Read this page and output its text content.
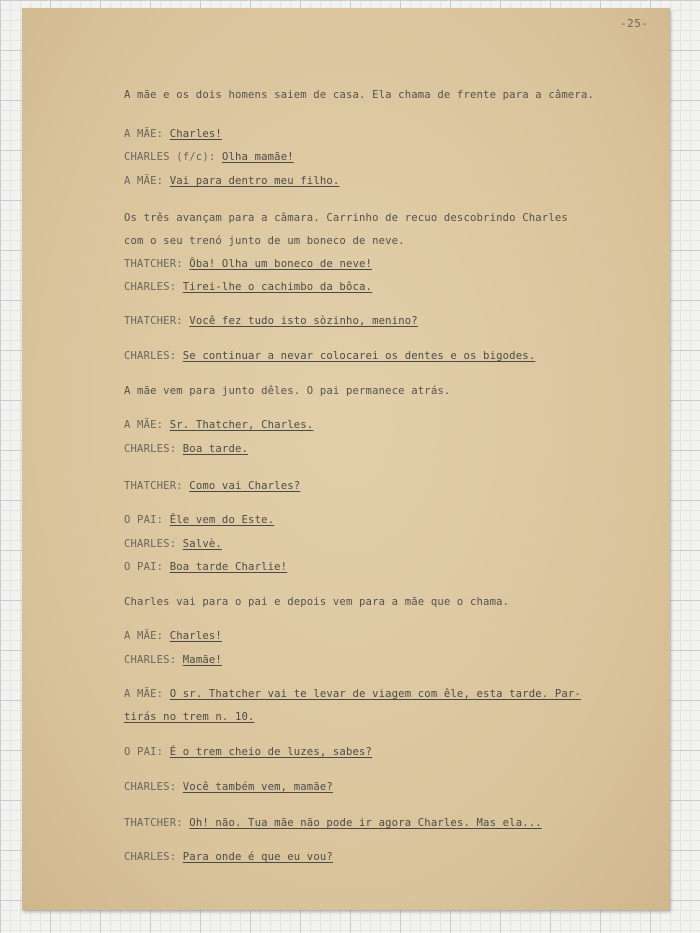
-25-

A mãe e os dois homens saiem de casa. Ela chama de frente para a câmera.

A MÃE: Charles!

CHARLES (f/c): Olha mamãe!

A MÃE: Vai para dentro meu filho.

Os três avançam para a câmara. Carrinho de recuo descobrindo Charles

com o seu trenó junto de um boneco de neve.

THATCHER: Ôba! Olha um boneco de neve!

CHARLES: Tirei-lhe o cachimbo da bôca.

THATCHER: Você fez tudo isto sòzinho, menino?

CHARLES: Se continuar a nevar colocarei os dentes e os bigodes.

A mãe vem para junto dêles. O pai permanece atrás.

A MÃE: Sr. Thatcher, Charles.

CHARLES: Boa tarde.

THATCHER: Como vai Charles?

O PAI: Êle vem do Este.

CHARLES: Salvè.

O PAI: Boa tarde Charlie!

Charles vai para o pai e depois vem para a mãe que o chama.

A MÃE: Charles!

CHARLES: Mamãe!

A MÃE: O sr. Thatcher vai te levar de viagem com êle, esta tarde. Par-

tirás no trem n. 10.

O PAI: É o trem cheio de luzes, sabes?

CHARLES: Você também vem, mamãe?

THATCHER: Oh! não. Tua mãe não pode ir agora Charles. Mas ela...

CHARLES: Para onde é que eu vou?
